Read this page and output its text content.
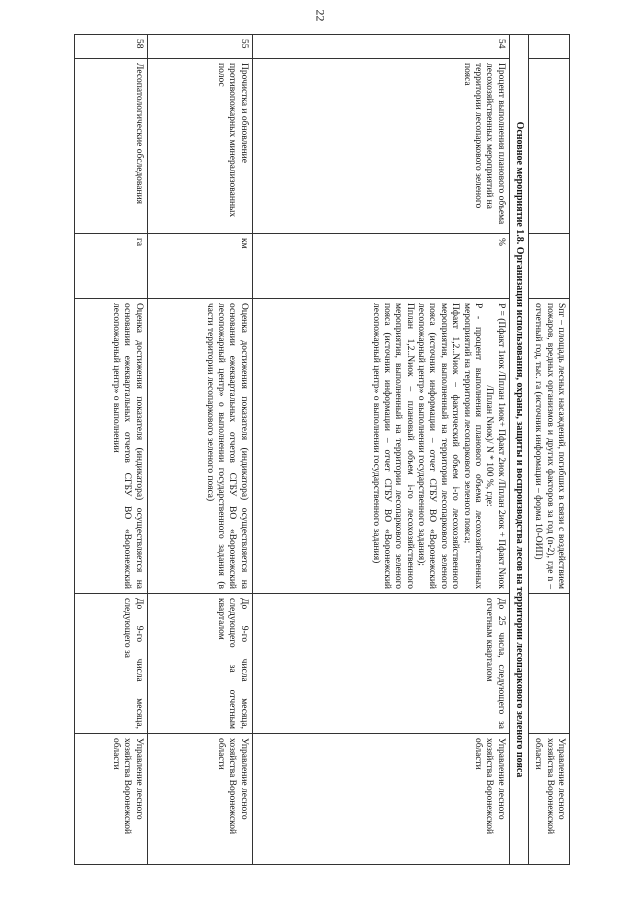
22
			Sпг – площадь лесных насаждений, погибших в связи с воздействием пожаров, вредных организмов и других факторов за год (n-2), где n – отчетный год, тыс. га (источник информации – форма 10-ОИП)		Управление лесного хозяйства Воронежской области
Основное мероприятие 1.8. Организация использования, охраны, защиты и воспроизводства лесов на территории лесопаркового зеленого пояса					
54	Процент выполнения планового объема лесохозяйственных мероприятий на территории лесопаркового зеленого пояса	%	P = (Пфакт 1иок /Пплан 1иок+ Пфакт 2иок /Пплан 2иок + Пфакт Nиок /Пплан Nиок)/ N * 100 %, где:
Р - процент выполнения планового объема лесохозяйственных мероприятий на территории лесопаркового зеленого пояса;
Пфакт 1,2..Nиок – фактический объем i-го лесохозяйственного мероприятия, выполненный на территории лесопаркового зеленого пояса (источник информации – отчет СГБУ ВО «Воронежский лесопожарный центр» о выполнении государственного задания);
Пплан 1,2..Nиок – плановый объем i-го лесохозяйственного мероприятия, выполненный на территории лесопаркового зеленого пояса (источник информации – отчет СГБУ ВО «Воронежский лесопожарный центр» о выполнении государственного задания)	До 25 числа, следующего за отчетным кварталом	Управление лесного хозяйства Воронежской области
55	Прочистка и обновление противопожарных минерализованных полос	км	Оценка достижения показателя (индикатора) осуществляется на основании ежеквартальных отчетов СГБУ ВО «Воронежский лесопожарный центр» о выполнении государственного задания (в части территории лесопаркового зеленого пояса)	До 9-го числа месяца, следующего за отчетным кварталом	Управление лесного хозяйства Воронежской области
58	Лесопатологические обследования	га	Оценка достижения показателя (индикатора) осуществляется на основании ежеквартальных отчетов СГБУ ВО «Воронежский лесопожарный центр» о выполнении	До 9-го числа месяца, следующего за	Управление лесного хозяйства Воронежской области
